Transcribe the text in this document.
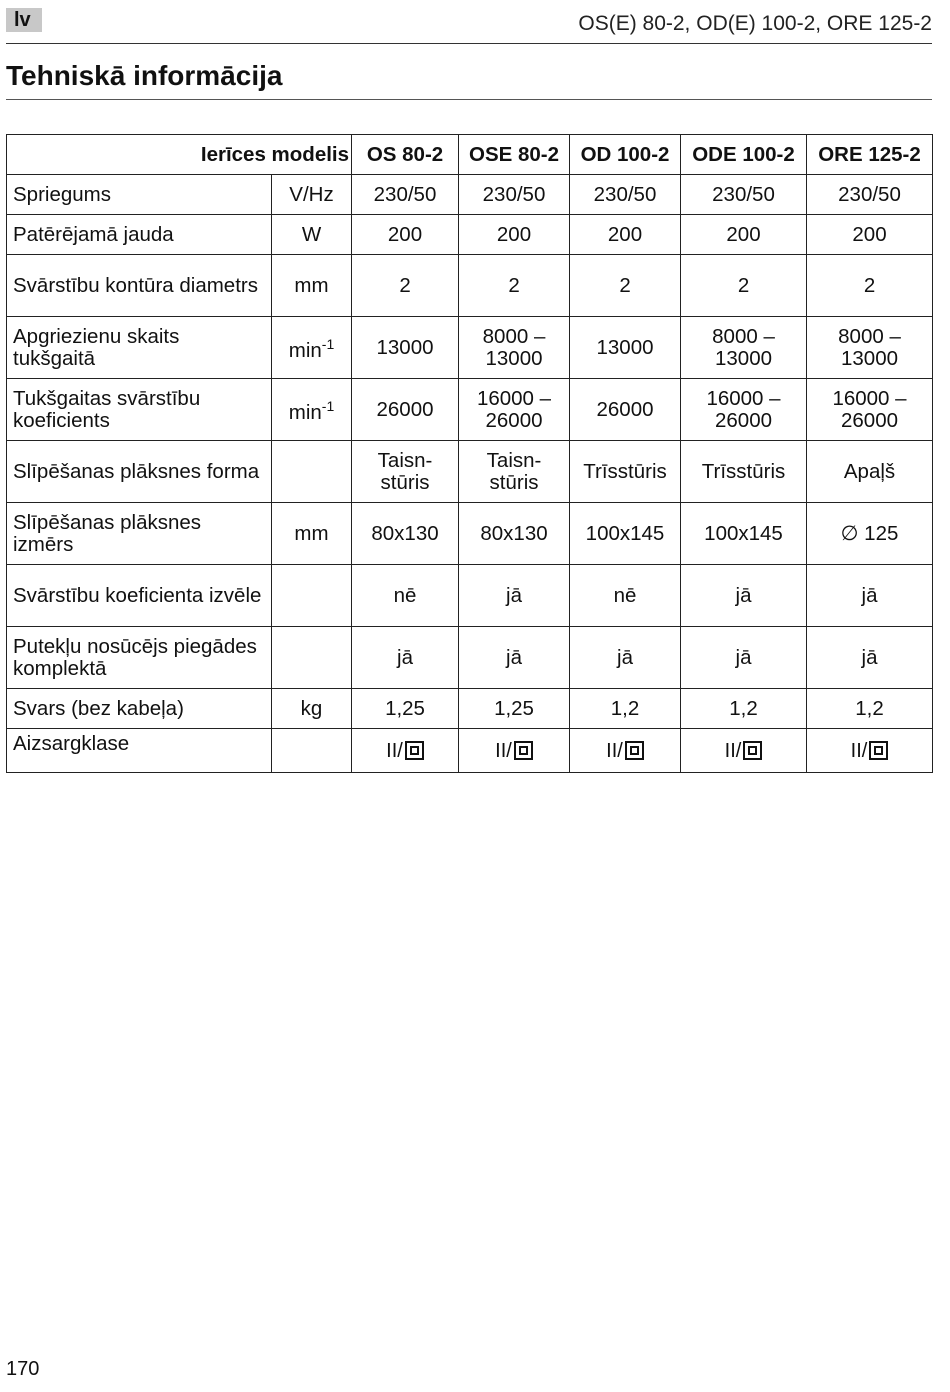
lv	OS(E) 80-2, OD(E) 100-2, ORE 125-2
Tehniskā informācija
Ierīces modelis		OS 80-2	OSE 80-2	OD 100-2	ODE 100-2	ORE 125-2
Spriegums	V/Hz	230/50	230/50	230/50	230/50	230/50
Patērējamā jauda	W	200	200	200	200	200
Svārstību kontūra diametrs	mm	2	2	2	2	2
Apgriezienu skaits tukšgaitā	$\min^{-1}$	13000	8000 – 13000	13000	8000 – 13000	8000 – 13000
Tukšgaitas svārstību koeficients	$\min^{-1}$	26000	16000 – 26000	26000	16000 – 26000	16000 – 26000
Slīpēšanas plāksnes forma		Taisn-stūris	Taisn-stūris	Trīsstūris	Trīsstūris	Apaļš
Slīpēšanas plāksnes izmērs	mm	80x130	80x130	100x145	100x145	∅ 125
Svārstību koeficienta izvēle		nē	jā	nē	jā	jā
Putekļu nosūcējs piegādes komplektā		jā	jā	jā	jā	jā
Svars (bez kabeļa)	kg	1,25	1,25	1,2	1,2	1,2
Aizsargklase		II/	II/	II/	II/	II/
170
